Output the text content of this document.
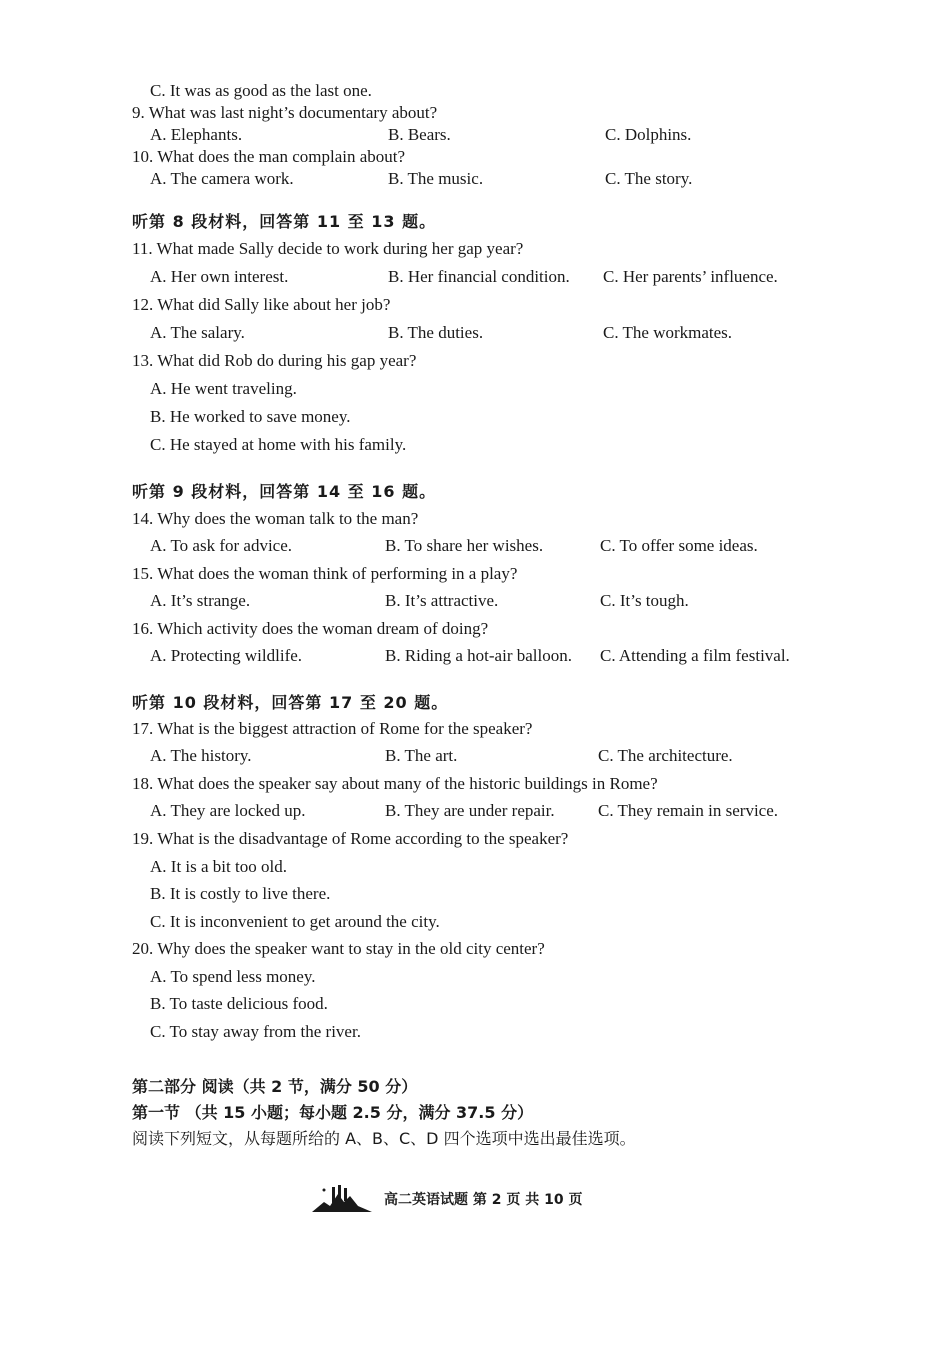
C. It was as good as the last one.
9. What was last night’s documentary about?
A. Elephants.	B. Bears.	C. Dolphins.
10. What does the man complain about?
A. The camera work.	B. The music.	C. The story.
听第 8 段材料，回答第 11 至 13 题。
11. What made Sally decide to work during her gap year?
A. Her own interest.	B. Her financial condition. C. Her parents’ influence.
12. What did Sally like about her job?
A. The salary.	B. The duties.	C. The workmates.
13. What did Rob do during his gap year?
A. He went traveling.
B. He worked to save money.
C. He stayed at home with his family.
听第 9 段材料，回答第 14 至 16 题。
14. Why does the woman talk to the man?
A. To ask for advice.	B. To share her wishes.	C. To offer some ideas.
15. What does the woman think of performing in a play?
A. It’s strange.	B. It’s attractive.	C. It’s tough.
16. Which activity does the woman dream of doing?
A. Protecting wildlife.	B. Riding a hot-air balloon. C. Attending a film festival.
听第 10 段材料，回答第 17 至 20 题。
17. What is the biggest attraction of Rome for the speaker?
A. The history.	B. The art.	C. The architecture.
18. What does the speaker say about many of the historic buildings in Rome?
A. They are locked up.	B. They are under repair.	C. They remain in service.
19. What is the disadvantage of Rome according to the speaker?
A. It is a bit too old.
B. It is costly to live there.
C. It is inconvenient to get around the city.
20. Why does the speaker want to stay in the old city center?
A. To spend less money.
B. To taste delicious food.
C. To stay away from the river.
第二部分 阅读（共 2 节，满分 50 分）
第一节 （共 15 小题；每小题 2.5 分，满分 37.5 分）
阅读下列短文，从每题所给的 A、B、C、D 四个选项中选出最佳选项。
高二英语试题 第 2 页 共 10 页
